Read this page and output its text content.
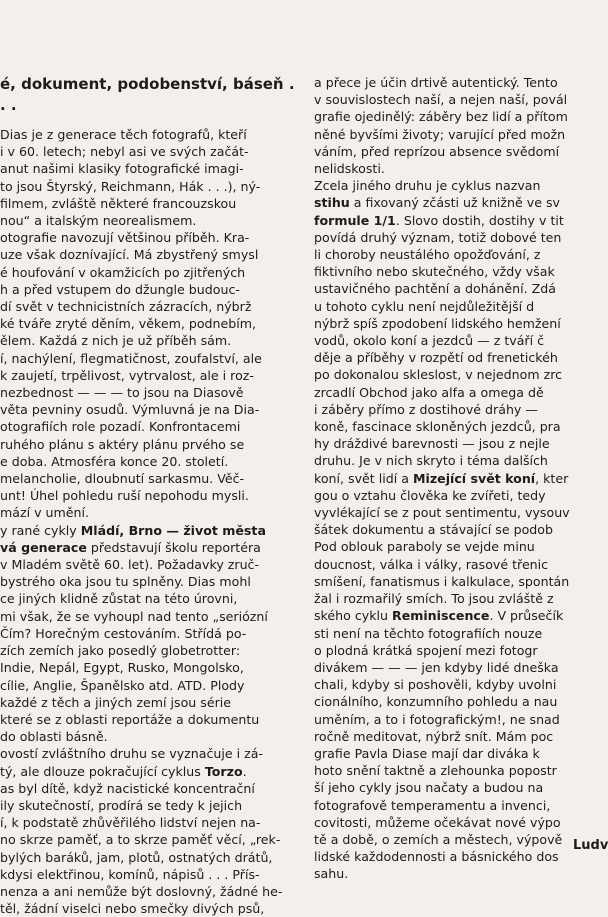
é, dokument, podobenství, báseň . . .
Dias je z generace těch fotografů, kteří
i v 60. letech; nebyl asi ve svých začát-
anut našimi klasiky fotografické imagi-
to jsou Štyrský, Reichmann, Hák . . .), ný-
filmem, zvláště některé francouzskou
nou“ a italským neorealismem.
otografie navozují většinou příběh. Kra-
uze však doznívající. Má zbystřený smysl
é houfování v okamžicích po zjitřených
h a před vstupem do džungle budouc-
dí svět v technicistních zázracích, nýbrž
ké tváře zryté děním, věkem, podnebím,
ělem. Každá z nich je už příběh sám.
í, nachýlení, flegmatičnost, zoufalství, ale
k zaujetí, trpělivost, vytrvalost, ale i roz-
nezbednost — — — to jsou na Diasově
věta pevniny osudů. Výmluvná je na Dia-
otografiích role pozadí. Konfrontacemi
ruhého plánu s aktéry plánu prvého se
e doba. Atmosféra konce 20. století.
melancholie, dloubnutí sarkasmu. Věč-
unt! Úhel pohledu ruší nepohodu mysli.
mází v umění.
y rané cykly Mládí, Brno — život města
vá generace představují školu reportéra
v Mladém světě 60. let). Požadavky zruč-
bystrého oka jsou tu splněny. Dias mohl
ce jiných klidně zůstat na této úrovni,
mi však, že se vyhoupl nad tento „seriózní
Čím? Horečným cestováním. Střídá po-
zích zemích jako posedlý globetrotter:
Indie, Nepál, Egypt, Rusko, Mongolsko,
cílie, Anglie, Španělsko atd. ATD. Plody
každé z těch a jiných zemí jsou série
které se z oblasti reportáže a dokumentu
do oblasti básně.
ovostí zvláštního druhu se vyznačuje i zá-
tý, ale dlouze pokračující cyklus Torzo.
as byl dítě, když nacistické koncentrační
ily skutečností, prodírá se tedy k jejich
í, k podstatě zhůvěřilého lidství nejen na-
no skrze paměť, a to skrze paměť věcí, „rek-
bylých baráků, jam, plotů, ostnatých drátů,
kdysi elektřinou, komínů, nápisů . . . Přís-
nenza a ani nemůže být doslovný, žádné he-
těl, žádní viselci nebo smečky divých psů,
a přece je účin drtivě autentický. Tento
v souvislostech naší, a nejen naší, povál
grafie ojedinělý: záběry bez lidí a přítom
něné byvšími životy; varující před možn
váním, před reprízou absence svědomí
nelidskosti.
Zcela jiného druhu je cyklus nazvan
stihu a fixovaný zčásti už knižně ve sv
formule 1/1. Slovo dostih, dostihy v tit
povídá druhý význam, totiž dobové ten
li choroby neustálého opožďování, z
fiktivního nebo skutečného, vždy však
ustavičného pachtění a dohánění. Zdá
u tohoto cyklu není nejdůležitější d
nýbrž spíš zpodobení lidského hemžení
vodů, okolo koní a jezdců — z tváří č
děje a příběhy v rozpětí od frenetickéh
po dokonalou skleslost, v nejednom zrc
zrcadlí Obchod jako alfa a omega dě
i záběry přímo z dostihové dráhy —
koně, fascinace skloněných jezdců, pra
hy dráždivé barevnosti — jsou z nejle
druhu. Je v nich skryto i téma dalších
koní, svět lidí a Mizející svět koní, kter
gou o vztahu člověka ke zvířeti, tedy
vyvlékající se z pout sentimentu, vysouv
šátek dokumentu a stávající se podob
Pod oblouk paraboly se vejde minu
doucnost, válka i války, rasové třenic
smíšení, fanatismus i kalkulace, spontán
žal i rozmařilý smích. To jsou zvláště z
ského cyklu Reminiscence. V průsečík
sti není na těchto fotografiích nouze
o plodná krátká spojení mezi fotogr
divákem — — — jen kdyby lidé dneška
chali, kdyby si poshověli, kdyby uvolni
cionálního, konzumního pohledu a nau
uměním, a to i fotografickým!, ne snad
ročně meditovat, nýbrž snít. Mám poc
grafie Pavla Diase mají dar diváka k
hoto snění taktně a zlehounka popostr
ší jeho cykly jsou načaty a budou na
fotografově temperamentu a invenci,
covitosti, můžeme očekávat nové výpo
tě a době, o zemích a městech, výpově
lidské každodennosti a básnického dos
sahu.
Ludv
